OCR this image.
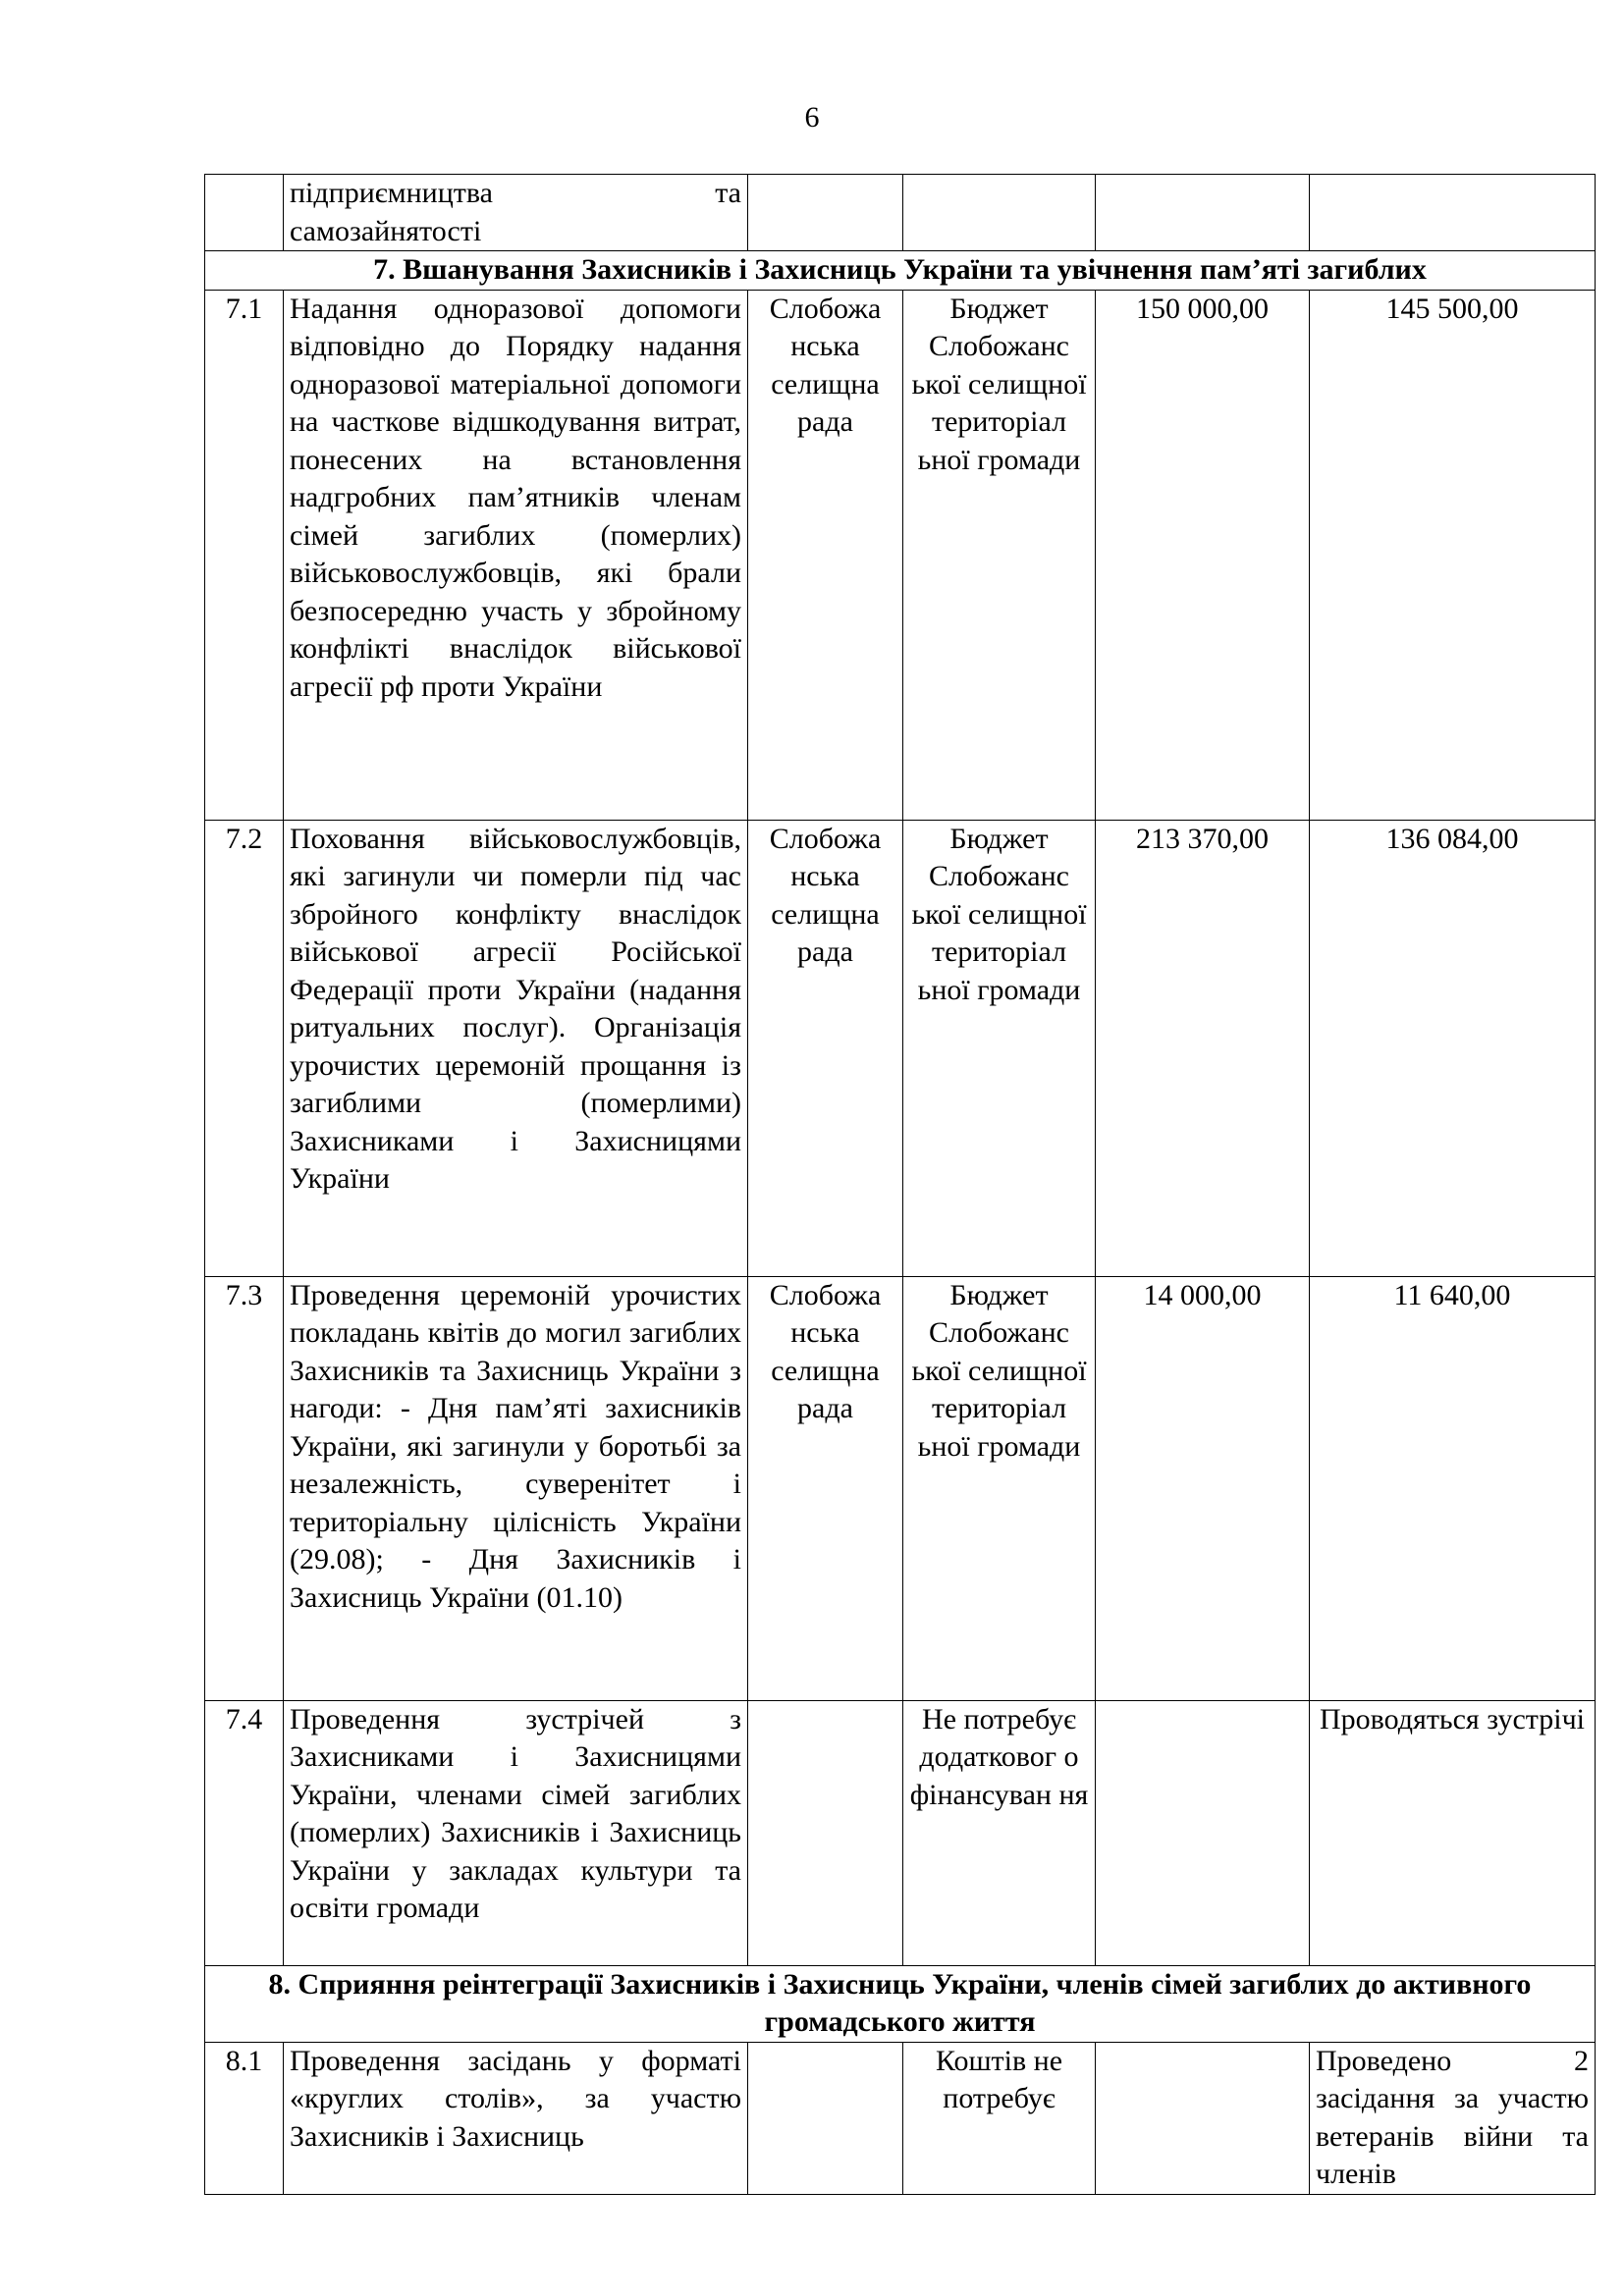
6

	підприємництва та
самозайнятості				

7. Вшанування Захисників і Захисниць України та увічнення пам’яті загиблих					
7.1	Надання одноразової допомоги відповідно до Порядку надання одноразової матеріальної допомоги на часткове відшкодування витрат, понесених на встановлення надгробних пам’ятників членам сімей загиблих (померлих) військовослужбовців, які брали безпосередню участь у збройному конфлікті внаслідок військової агресії рф проти України	Слобожа нська селищна рада	Бюджет Слобожанс ької селищної територіал ьної громади	150 000,00	145 500,00
7.2	Поховання військовослужбовців, які загинули чи померли під час збройного конфлікту внаслідок військової агресії Російської Федерації проти України (надання ритуальних послуг). Організація урочистих церемоній прощання із загиблими (померлими) Захисниками і Захисницями України	Слобожа нська селищна рада	Бюджет Слобожанс ької селищної територіал ьної громади	213 370,00	136 084,00
7.3	Проведення церемоній урочистих покладань квітів до могил загиблих Захисників та Захисниць України з нагоди: - Дня пам’яті захисників України, які загинули у боротьбі за незалежність, суверенітет і територіальну цілісність України (29.08); - Дня Захисників і Захисниць України (01.10)	Слобожа нська селищна рада	Бюджет Слобожанс ької селищної територіал ьної громади	14 000,00	11 640,00
7.4	Проведення зустрічей з Захисниками і Захисницями України, членами сімей загиблих (померлих) Захисників і Захисниць України у закладах культури та освіти громади		Не потребує додатковог о фінансуван ня		Проводяться зустрічі
8. Сприяння реінтеграції Захисників і Захисниць України, членів сімей загиблих до активного громадського життя					
8.1	Проведення засідань у форматі «круглих столів», за участю Захисників і Захисниць		Коштів не потребує		Проведено 2 засідання за участю ветеранів війни та членів
